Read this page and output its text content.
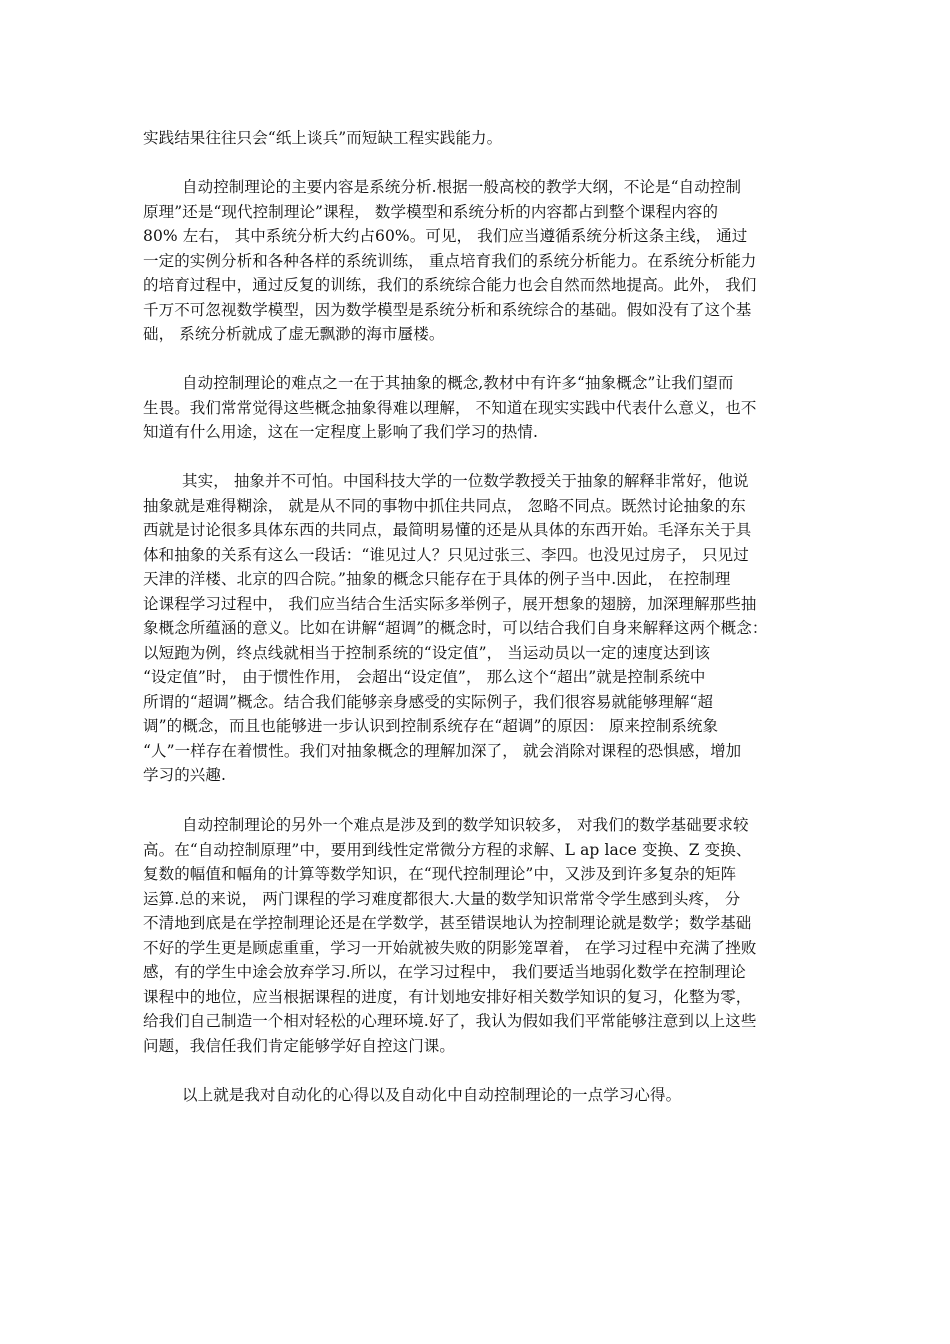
实践结果往往只会“纸上谈兵”而短缺工程实践能力。
自动控制理论的主要内容是系统分析.根据一般高校的教学大纲，不论是“自动控制
原理”还是“现代控制理论”课程， 数学模型和系统分析的内容都占到整个课程内容的
80% 左右， 其中系统分析大约占60%。可见， 我们应当遵循系统分析这条主线， 通过
一定的实例分析和各种各样的系统训练， 重点培育我们的系统分析能力。在系统分析能力
的培育过程中，通过反复的训练，我们的系统综合能力也会自然而然地提高。此外， 我们
千万不可忽视数学模型，因为数学模型是系统分析和系统综合的基础。假如没有了这个基
础， 系统分析就成了虚无飘渺的海市蜃楼。
自动控制理论的难点之一在于其抽象的概念,教材中有许多“抽象概念”让我们望而
生畏。我们常常觉得这些概念抽象得难以理解， 不知道在现实实践中代表什么意义，也不
知道有什么用途，这在一定程度上影响了我们学习的热情.
其实， 抽象并不可怕。中国科技大学的一位数学教授关于抽象的解释非常好，他说
抽象就是难得糊涂， 就是从不同的事物中抓住共同点， 忽略不同点。既然讨论抽象的东
西就是讨论很多具体东西的共同点，最简明易懂的还是从具体的东西开始。毛泽东关于具
体和抽象的关系有这么一段话：“谁见过人？只见过张三、李四。也没见过房子， 只见过
天津的洋楼、北京的四合院。”抽象的概念只能存在于具体的例子当中.因此， 在控制理
论课程学习过程中， 我们应当结合生活实际多举例子，展开想象的翅膀，加深理解那些抽
象概念所蕴涵的意义。比如在讲解“超调”的概念时，可以结合我们自身来解释这两个概念：
以短跑为例，终点线就相当于控制系统的“设定值”， 当运动员以一定的速度达到该
“设定值”时， 由于惯性作用， 会超出“设定值”， 那么这个“超出”就是控制系统中
所谓的“超调”概念。结合我们能够亲身感受的实际例子，我们很容易就能够理解“超
调”的概念，而且也能够进一步认识到控制系统存在“超调”的原因： 原来控制系统象
“人”一样存在着惯性。我们对抽象概念的理解加深了， 就会消除对课程的恐惧感，增加
学习的兴趣.
自动控制理论的另外一个难点是涉及到的数学知识较多， 对我们的数学基础要求较
高。在“自动控制原理”中，要用到线性定常微分方程的求解、L ap lace 变换、Z 变换、
复数的幅值和幅角的计算等数学知识，在“现代控制理论”中，又涉及到许多复杂的矩阵
运算.总的来说， 两门课程的学习难度都很大.大量的数学知识常常令学生感到头疼， 分
不清地到底是在学控制理论还是在学数学，甚至错误地认为控制理论就是数学；数学基础
不好的学生更是顾虑重重，学习一开始就被失败的阴影笼罩着， 在学习过程中充满了挫败
感，有的学生中途会放弃学习.所以，在学习过程中， 我们要适当地弱化数学在控制理论
课程中的地位，应当根据课程的进度，有计划地安排好相关数学知识的复习，化整为零，
给我们自己制造一个相对轻松的心理环境.好了，我认为假如我们平常能够注意到以上这些
问题，我信任我们肯定能够学好自控这门课。
以上就是我对自动化的心得以及自动化中自动控制理论的一点学习心得。
